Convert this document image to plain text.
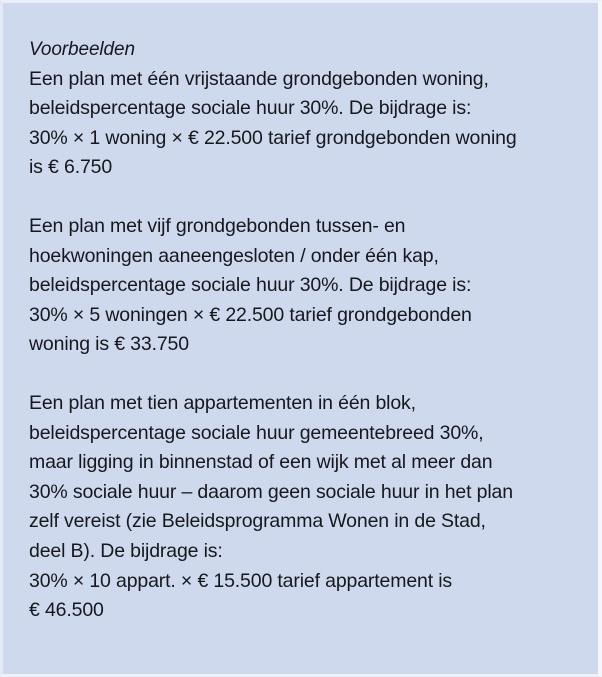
Voorbeelden
Een plan met één vrijstaande grondgebonden woning,
beleidspercentage sociale huur 30%. De bijdrage is:
30% × 1 woning × € 22.500 tarief grondgebonden woning
is € 6.750
Een plan met vijf grondgebonden tussen- en
hoekwoningen aaneengesloten / onder één kap,
beleidspercentage sociale huur 30%. De bijdrage is:
30% × 5 woningen × € 22.500 tarief grondgebonden
woning is € 33.750
Een plan met tien appartementen in één blok,
beleidspercentage sociale huur gemeentebreed 30%,
maar ligging in binnenstad of een wijk met al meer dan
30% sociale huur – daarom geen sociale huur in het plan
zelf vereist (zie Beleidsprogramma Wonen in de Stad,
deel B). De bijdrage is:
30% × 10 appart. × € 15.500 tarief appartement is
€ 46.500
